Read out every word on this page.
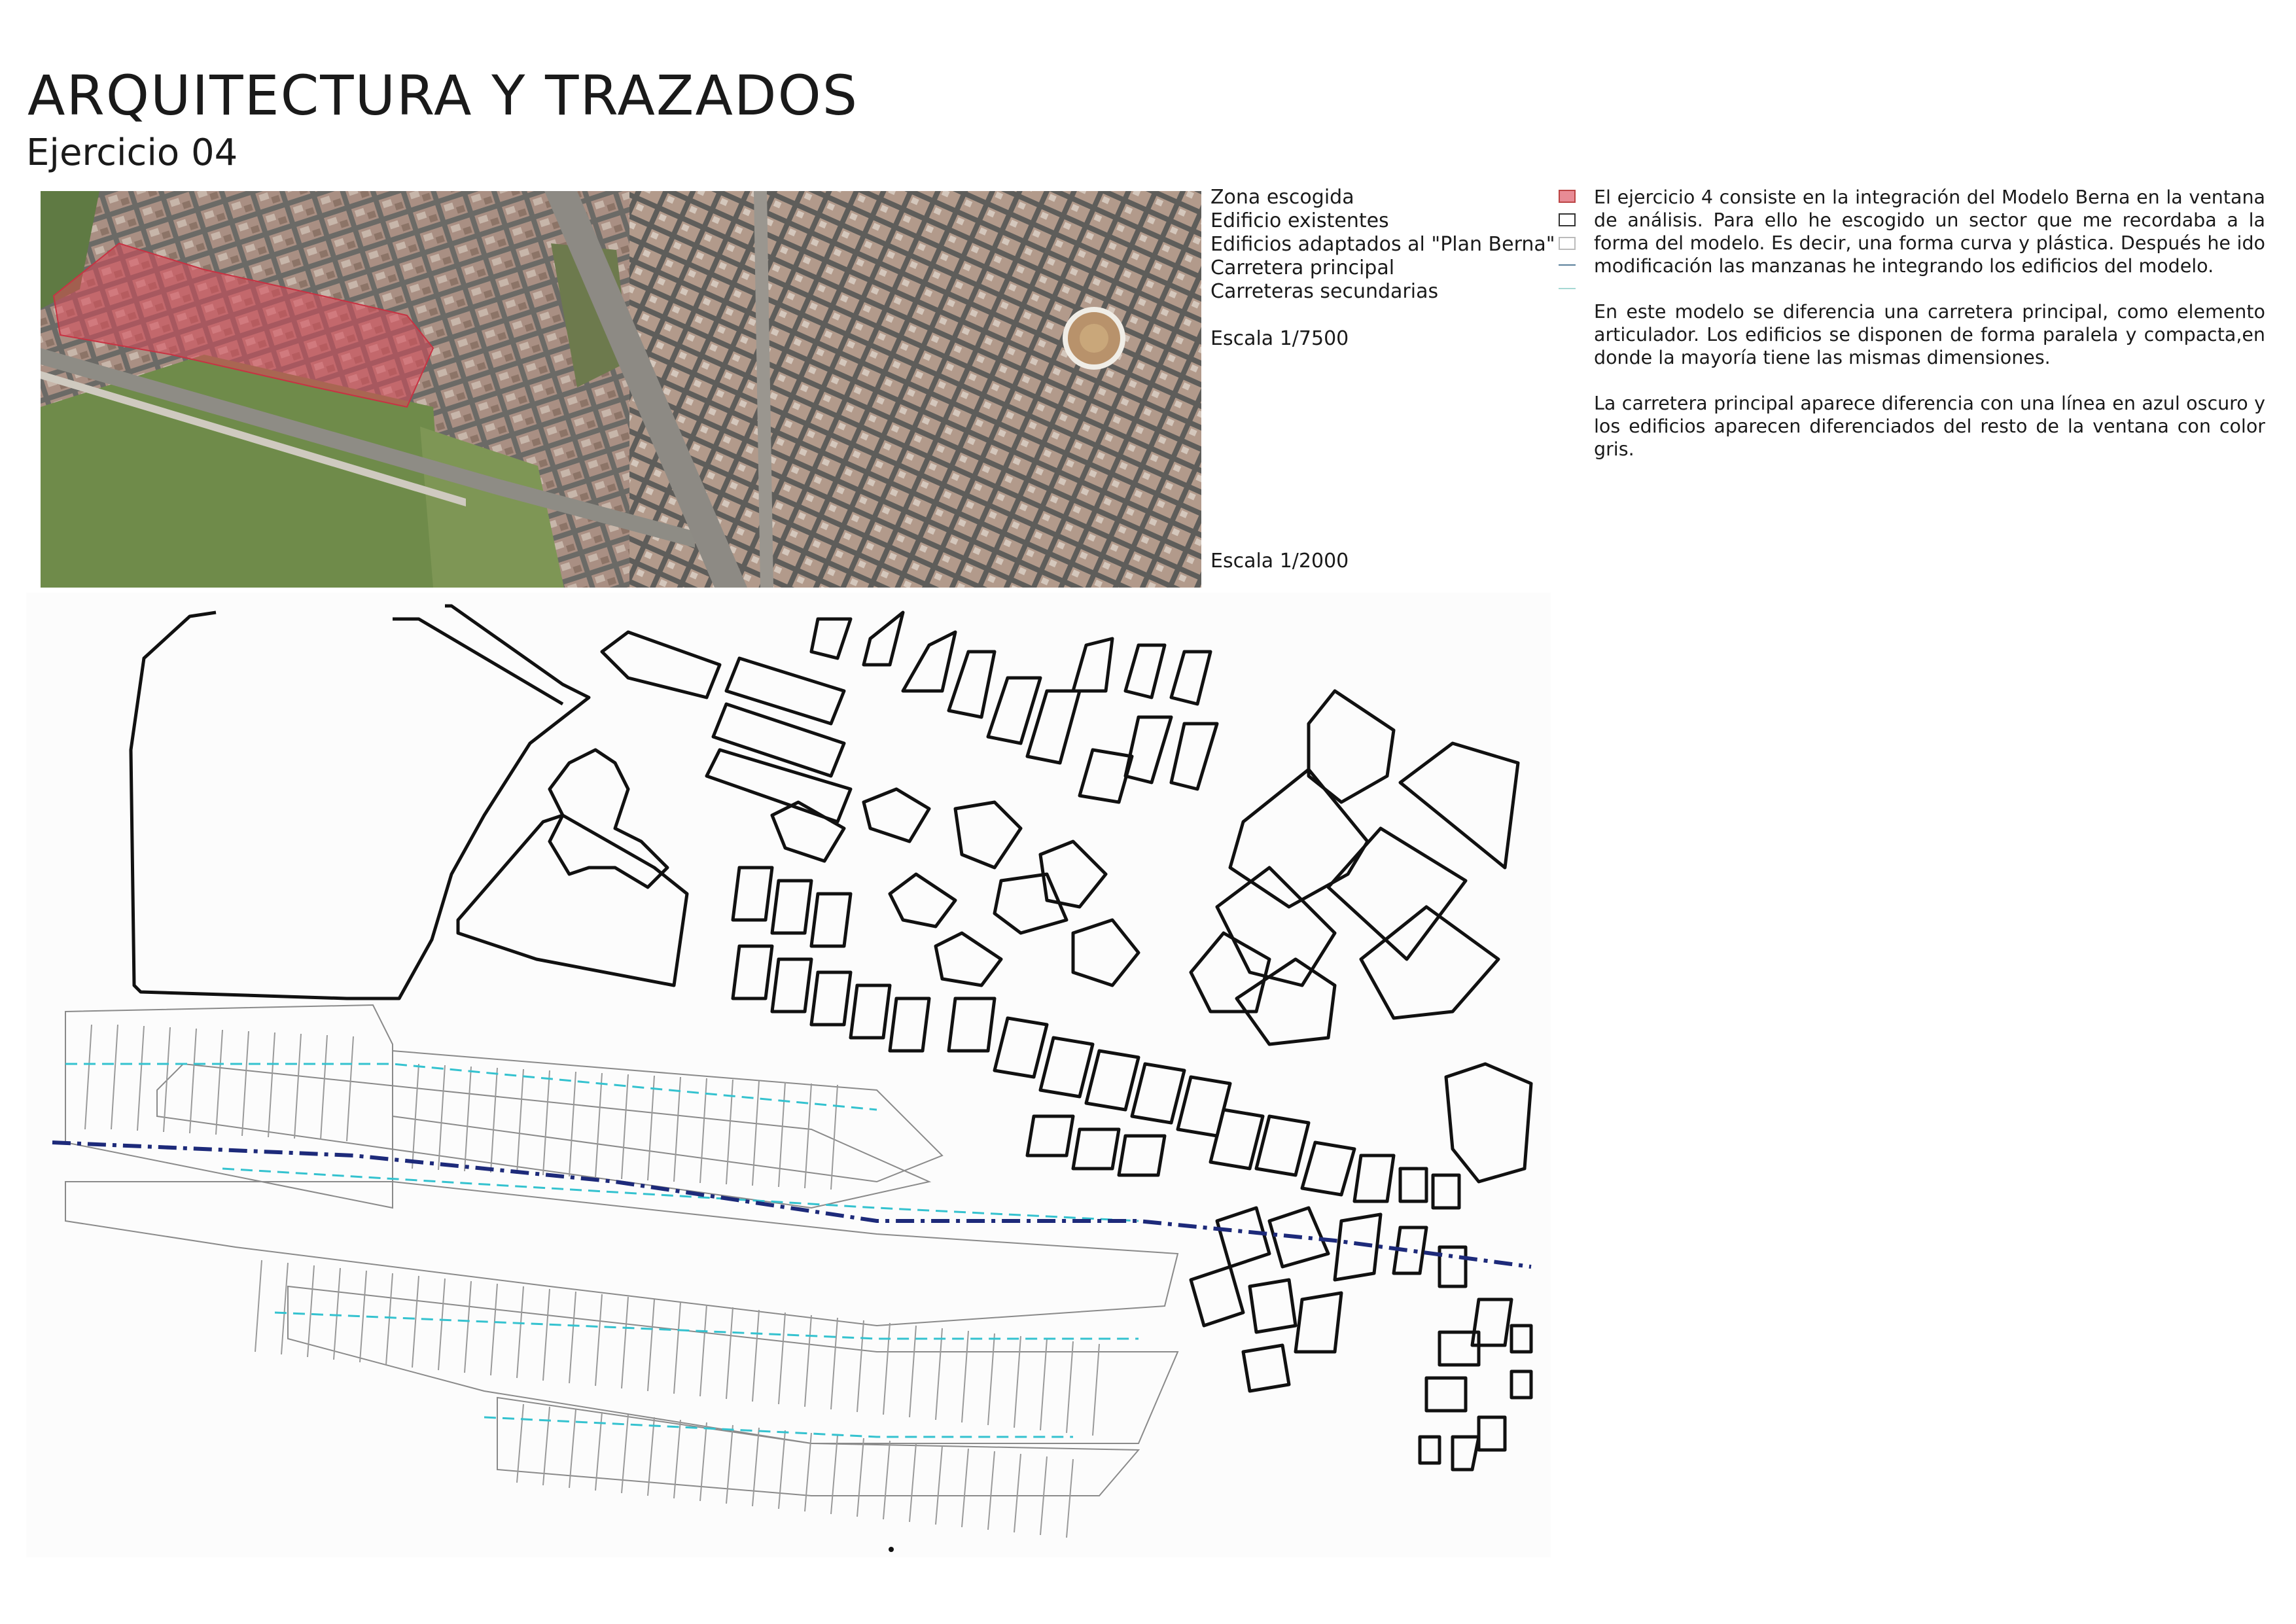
ARQUITECTURA Y TRAZADOS
Ejercicio 04
Zona escogida
Edificio existentes
Edificios adaptados al "Plan Berna"
Carretera principal
Carreteras secundarias
Escala 1/7500
Escala 1/2000

El ejercicio 4 consiste en la integración del Modelo Berna en la ventana de análisis. Para ello he escogido un sector que me recordaba a la forma del modelo. Es decir, una forma curva y plástica. Después he ido modificación las manzanas he integrando los edificios del modelo.

En este modelo se diferencia una carretera principal, como elemento articulador. Los edificios se disponen de forma paralela y compacta,en donde la mayoría tiene las mismas dimensiones.

La carretera principal aparece diferencia con una línea en azul oscuro y los edificios aparecen diferenciados del resto de la ventana con color gris.
